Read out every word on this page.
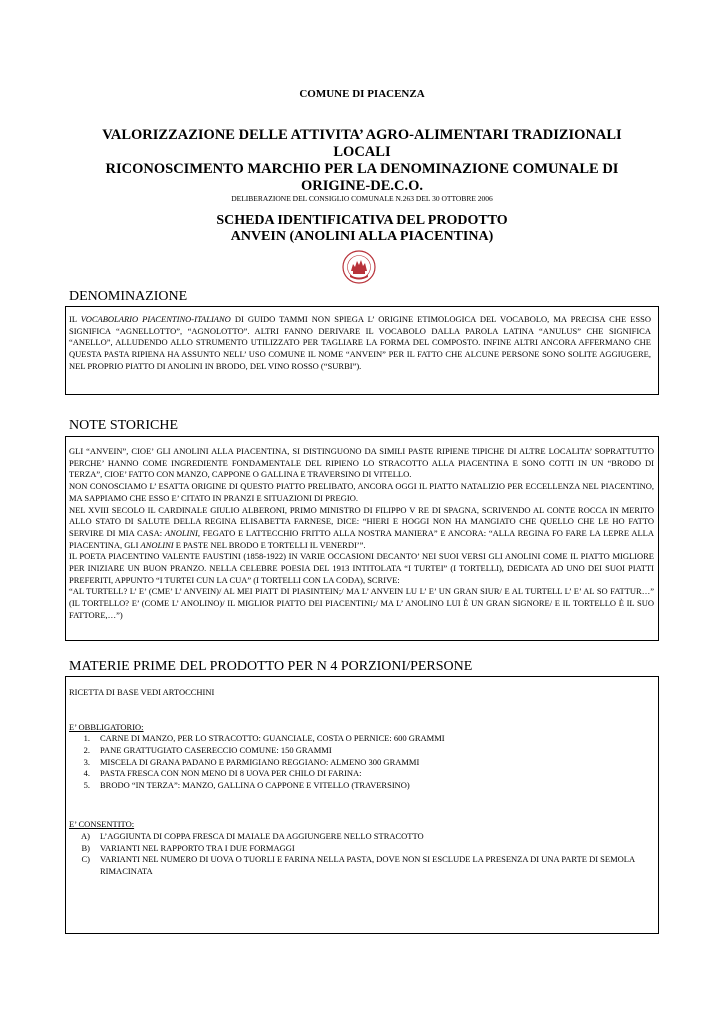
COMUNE DI PIACENZA
VALORIZZAZIONE DELLE ATTIVITA’ AGRO-ALIMENTARI TRADIZIONALI
LOCALI
RICONOSCIMENTO MARCHIO PER LA DENOMINAZIONE COMUNALE DI
ORIGINE-DE.C.O.
DELIBERAZIONE DEL CONSIGLIO COMUNALE N.263 DEL 30 OTTOBRE 2006
SCHEDA IDENTIFICATIVA DEL PRODOTTO
ANVEIN (ANOLINI ALLA PIACENTINA)
DENOMINAZIONE

IL VOCABOLARIO PIACENTINO-ITALIANO DI GUIDO TAMMI NON SPIEGA L’ ORIGINE ETIMOLOGICA DEL VOCABOLO, MA PRECISA CHE ESSO SIGNIFICA “AGNELLOTTO”, “AGNOLOTTO”. ALTRI FANNO DERIVARE IL VOCABOLO DALLA PAROLA LATINA “ANULUS” CHE SIGNIFICA “ANELLO”, ALLUDENDO ALLO STRUMENTO UTILIZZATO PER TAGLIARE LA FORMA DEL COMPOSTO. INFINE ALTRI ANCORA AFFERMANO CHE QUESTA PASTA RIPIENA HA ASSUNTO NELL’ USO COMUNE IL NOME “ANVEIN” PER IL FATTO CHE ALCUNE PERSONE SONO SOLITE AGGIUGERE, NEL PROPRIO PIATTO DI ANOLINI IN BRODO, DEL VINO ROSSO (“SURBI”).

NOTE STORICHE

GLI “ANVEIN”, CIOE’ GLI ANOLINI ALLA PIACENTINA, SI DISTINGUONO DA SIMILI PASTE RIPIENE TIPICHE DI ALTRE LOCALITA’ SOPRATTUTTO PERCHE’ HANNO COME INGREDIENTE FONDAMENTALE DEL RIPIENO LO STRACOTTO ALLA PIACENTINA E SONO COTTI IN UN “BRODO DI TERZA”, CIOE’ FATTO CON MANZO, CAPPONE O GALLINA E TRAVERSINO DI VITELLO.

NON CONOSCIAMO L’ ESATTA ORIGINE DI QUESTO PIATTO PRELIBATO, ANCORA OGGI IL PIATTO NATALIZIO PER ECCELLENZA NEL PIACENTINO, MA SAPPIAMO CHE ESSO E’ CITATO IN PRANZI E SITUAZIONI DI PREGIO.

NEL XVIII SECOLO IL CARDINALE GIULIO ALBERONI, PRIMO MINISTRO DI FILIPPO V RE DI SPAGNA, SCRIVENDO AL CONTE ROCCA IN MERITO ALLO STATO DI SALUTE DELLA REGINA ELISABETTA FARNESE, DICE: “HIERI E HOGGI NON HA MANGIATO CHE QUELLO CHE LE HO FATTO SERVIRE DI MIA CASA: ANOLINI, FEGATO E LATTECCHIO FRITTO ALLA NOSTRA MANIERA” E ANCORA: “ALLA REGINA FO FARE LA LEPRE ALLA PIACENTINA, GLI ANOLINI E PASTE NEL BRODO E TORTELLI IL VENERDI’”.

IL POETA PIACENTINO VALENTE FAUSTINI (1858-1922) IN VARIE OCCASIONI DECANTO’ NEI SUOI VERSI GLI ANOLINI COME IL PIATTO MIGLIORE PER INIZIARE UN BUON PRANZO. NELLA CELEBRE POESIA DEL 1913 INTITOLATA “I TURTEI” (I TORTELLI), DEDICATA AD UNO DEI SUOI PIATTI PREFERITI, APPUNTO “I TURTEI CUN LA CUA” (I TORTELLI CON LA CODA), SCRIVE:

“AL TURTELL? L’ E’ (CME’ L’ ANVEIN)/ AL MEI PIATT DI PIASINTEIN;/ MA L’ ANVEIN LU L’ E’ UN GRAN SIUR/ E AL TURTELL L’ E’ AL SO FATTUR…” (IL TORTELLO? E’ (COME L’ ANOLINO)/ IL MIGLIOR PIATTO DEI PIACENTINI;/ MA L’ ANOLINO LUI È UN GRAN SIGNORE/ E IL TORTELLO È IL SUO FATTORE,…”)

MATERIE PRIME DEL PRODOTTO PER N 4 PORZIONI/PERSONE

RICETTA DI BASE VEDI ARTOCCHINI

E’ OBBLIGATORIO:

1.	CARNE DI MANZO, PER LO STRACOTTO: GUANCIALE, COSTA O PERNICE: 600 GRAMMI
2.	PANE GRATTUGIATO CASERECCIO COMUNE: 150 GRAMMI
3.	MISCELA DI GRANA PADANO E PARMIGIANO REGGIANO: ALMENO 300 GRAMMI
4.	PASTA FRESCA CON NON MENO DI 8 UOVA PER CHILO DI FARINA:
5.	BRODO “IN TERZA”: MANZO, GALLINA O CAPPONE E VITELLO (TRAVERSINO)

E’ CONSENTITO:

A)	L’AGGIUNTA DI COPPA FRESCA DI MAIALE DA AGGIUNGERE NELLO STRACOTTO
B)	VARIANTI NEL RAPPORTO TRA I DUE FORMAGGI
C)	VARIANTI NEL NUMERO DI UOVA O TUORLI E FARINA NELLA PASTA, DOVE NON SI ESCLUDE LA PRESENZA DI UNA PARTE DI SEMOLA RIMACINATA
